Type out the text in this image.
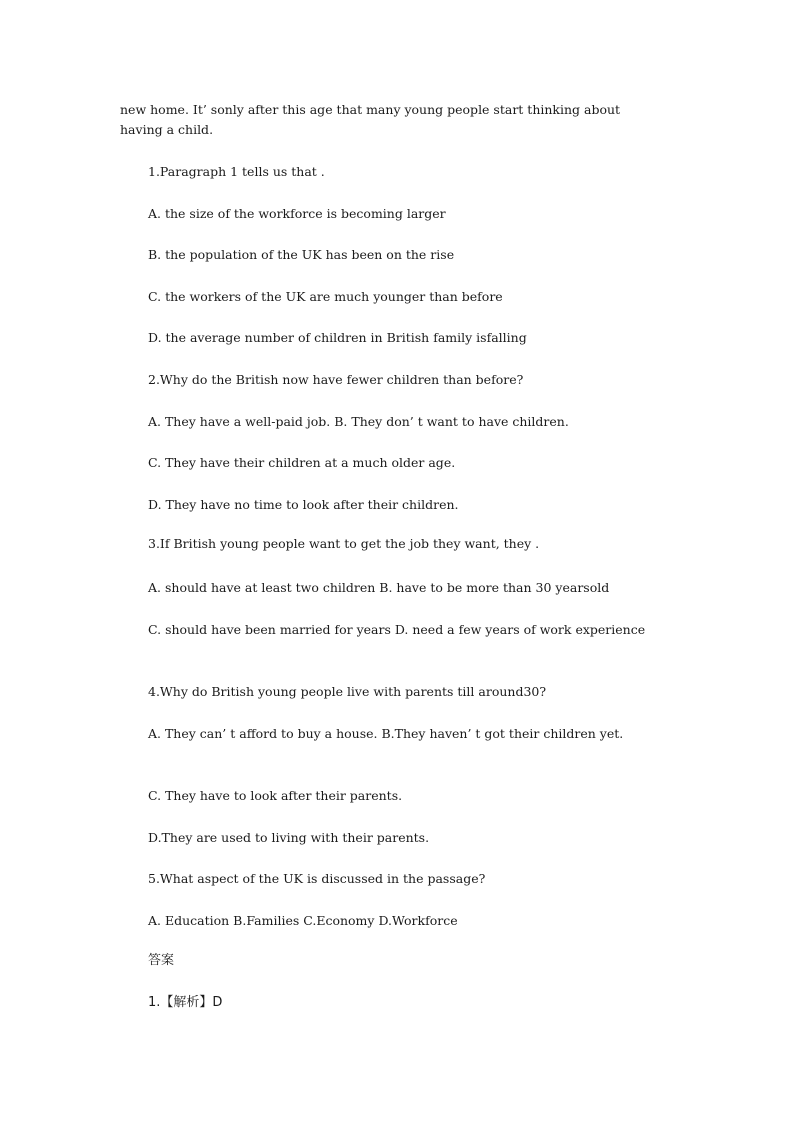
new home. It’ sonly after this age that many young people start thinking about
having a child.
1.Paragraph 1 tells us that .
A. the size of the workforce is becoming larger
B. the population of the UK has been on the rise
C. the workers of the UK are much younger than before
D. the average number of children in British family isfalling
2.Why do the British now have fewer children than before?
A. They have a well-paid job. B. They don’ t want to have children.
C. They have their children at a much older age.
D. They have no time to look after their children.
3.If British young people want to get the job they want, they .
A. should have at least two children B. have to be more than 30 yearsold
C. should have been married for years D. need a few years of work experience
4.Why do British young people live with parents till around30?
A. They can’ t afford to buy a house. B.They haven’ t got their children yet.
C. They have to look after their parents.
D.They are used to living with their parents.
5.What aspect of the UK is discussed in the passage?
A. Education B.Families C.Economy D.Workforce
答案
1.【解析】D
